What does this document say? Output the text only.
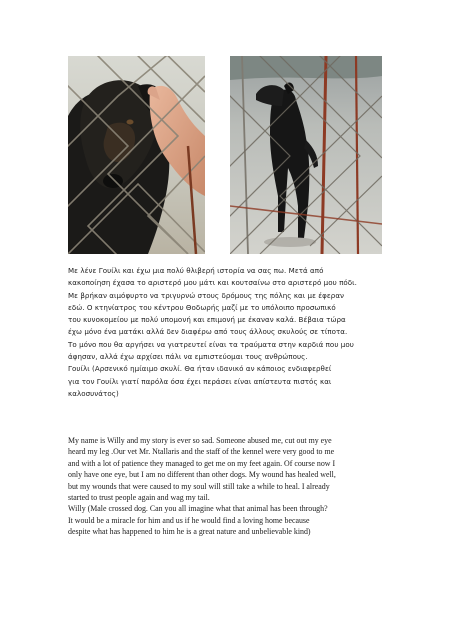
Με λένε Γουίλι και έχω μια πολύ θλιβερή ιστορία να σας πω. Μετά από

κακοποίηση έχασα το αριστερό μου μάτι και κουτσαίνω στο αριστερό μου πόδι.

Με βρήκαν αιμόφυρτο να τριγυρνώ στους δρόμους της πόλης και με έφεραν

εδώ. Ο κτηνίατρος του κέντρου Θοδωρής μαζί με το υπόλοιπο προσωπικό

του κυνοκομείου με πολύ υπομονή και επιμονή με έκαναν καλά. Βέβαια τώρα

έχω μόνο ένα ματάκι αλλά δεν διαφέρω από τους άλλους σκυλούς σε τίποτα.

Το μόνο που θα αργήσει να γιατρευτεί είναι τα τραύματα στην καρδιά που μου

άφησαν, αλλά έχω αρχίσει πάλι να εμπιστεύομαι τους ανθρώπους.

Γουίλι (Αρσενικό ημίαιμο σκυλί. Θα ήταν ιδανικό αν κάποιος ενδιαφερθεί

για τον Γουίλι γιατί παρόλα όσα έχει περάσει είναι απίστευτα πιστός και

καλοσυνάτος)

My name is Willy and my story is ever so sad. Someone abused me, cut out my eye

heard my leg .Our vet Mr. Ntallaris and the staff of the kennel were very good to me

and with a lot of patience they managed to get me on my feet again. Of course now I

only have one eye, but I am no different than other dogs. My wound has healed well,

but my wounds that were caused to my soul will still take a while to heal. I already

started to trust people again and wag my tail.

Willy (Male crossed dog. Can you all imagine what that animal has been through?

It would be a miracle for him and us if he would find a loving home because

despite what has happened to him he is a great nature and unbelievable kind)
